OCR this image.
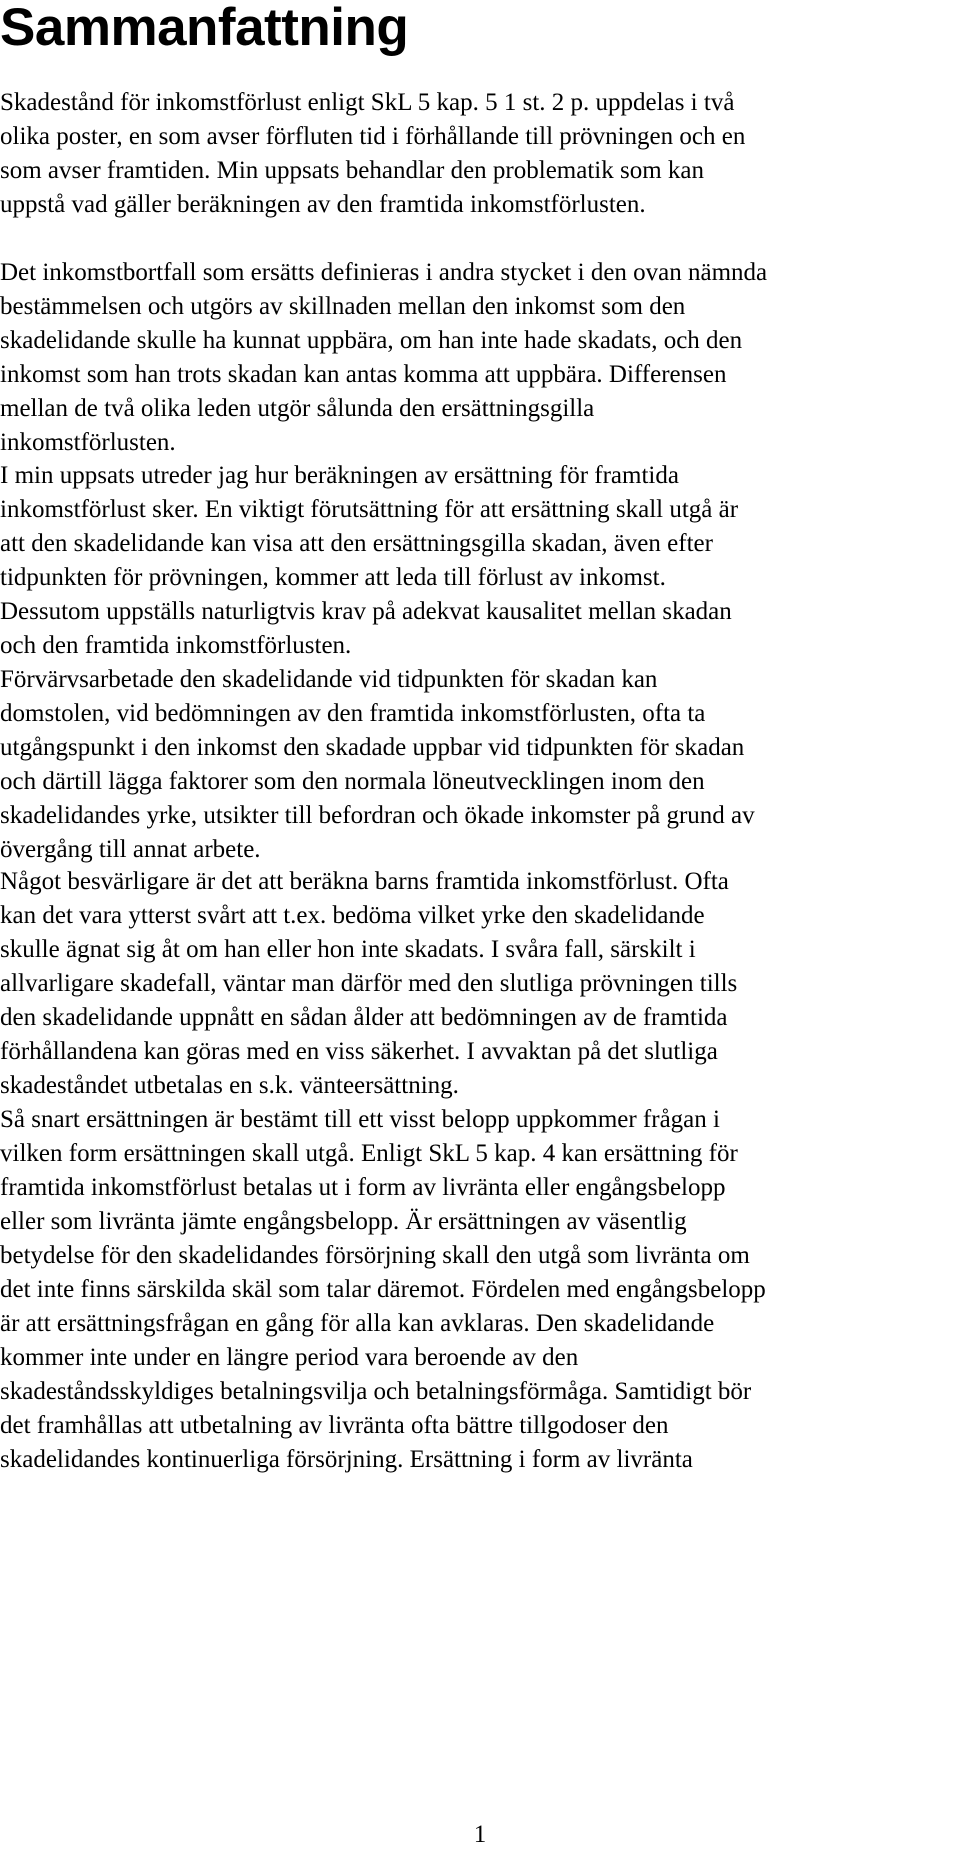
Sammanfattning

Skadestånd för inkomstförlust enligt SkL 5 kap. 5 1 st. 2 p. uppdelas i två
olika poster, en som avser förfluten tid i förhållande till prövningen och en
som avser framtiden. Min uppsats behandlar den problematik som kan
uppstå vad gäller beräkningen av den framtida inkomstförlusten.

Det inkomstbortfall som ersätts definieras i andra stycket i den ovan nämnda
bestämmelsen och utgörs av skillnaden mellan den inkomst som den
skadelidande skulle ha kunnat uppbära, om han inte hade skadats, och den
inkomst som han trots skadan kan antas komma att uppbära. Differensen
mellan de två olika leden utgör sålunda den ersättningsgilla
inkomstförlusten.

I min uppsats utreder jag hur beräkningen av ersättning för framtida
inkomstförlust sker. En viktigt förutsättning för att ersättning skall utgå är
att den skadelidande kan visa att den ersättningsgilla skadan, även efter
tidpunkten för prövningen, kommer att leda till förlust av inkomst.
Dessutom uppställs naturligtvis krav på adekvat kausalitet mellan skadan
och den framtida inkomstförlusten.

Förvärvsarbetade den skadelidande vid tidpunkten för skadan kan
domstolen, vid bedömningen av den framtida inkomstförlusten, ofta ta
utgångspunkt i den inkomst den skadade uppbar vid tidpunkten för skadan
och därtill lägga faktorer som den normala löneutvecklingen inom den
skadelidandes yrke, utsikter till befordran och ökade inkomster på grund av
övergång till annat arbete.

Något besvärligare är det att beräkna barns framtida inkomstförlust. Ofta
kan det vara ytterst svårt att t.ex. bedöma vilket yrke den skadelidande
skulle ägnat sig åt om han eller hon inte skadats. I svåra fall, särskilt i
allvarligare skadefall, väntar man därför med den slutliga prövningen tills
den skadelidande uppnått en sådan ålder att bedömningen av de framtida
förhållandena kan göras med en viss säkerhet. I avvaktan på det slutliga
skadeståndet utbetalas en s.k. vänteersättning.

Så snart ersättningen är bestämt till ett visst belopp uppkommer frågan i
vilken form ersättningen skall utgå. Enligt SkL 5 kap. 4 kan ersättning för
framtida inkomstförlust betalas ut i form av livränta eller engångsbelopp
eller som livränta jämte engångsbelopp. Är ersättningen av väsentlig
betydelse för den skadelidandes försörjning skall den utgå som livränta om
det inte finns särskilda skäl som talar däremot. Fördelen med engångsbelopp
är att ersättningsfrågan en gång för alla kan avklaras. Den skadelidande
kommer inte under en längre period vara beroende av den
skadeståndsskyldiges betalningsvilja och betalningsförmåga. Samtidigt bör
det framhållas att utbetalning av livränta ofta bättre tillgodoser den
skadelidandes kontinuerliga försörjning. Ersättning i form av livränta

1
